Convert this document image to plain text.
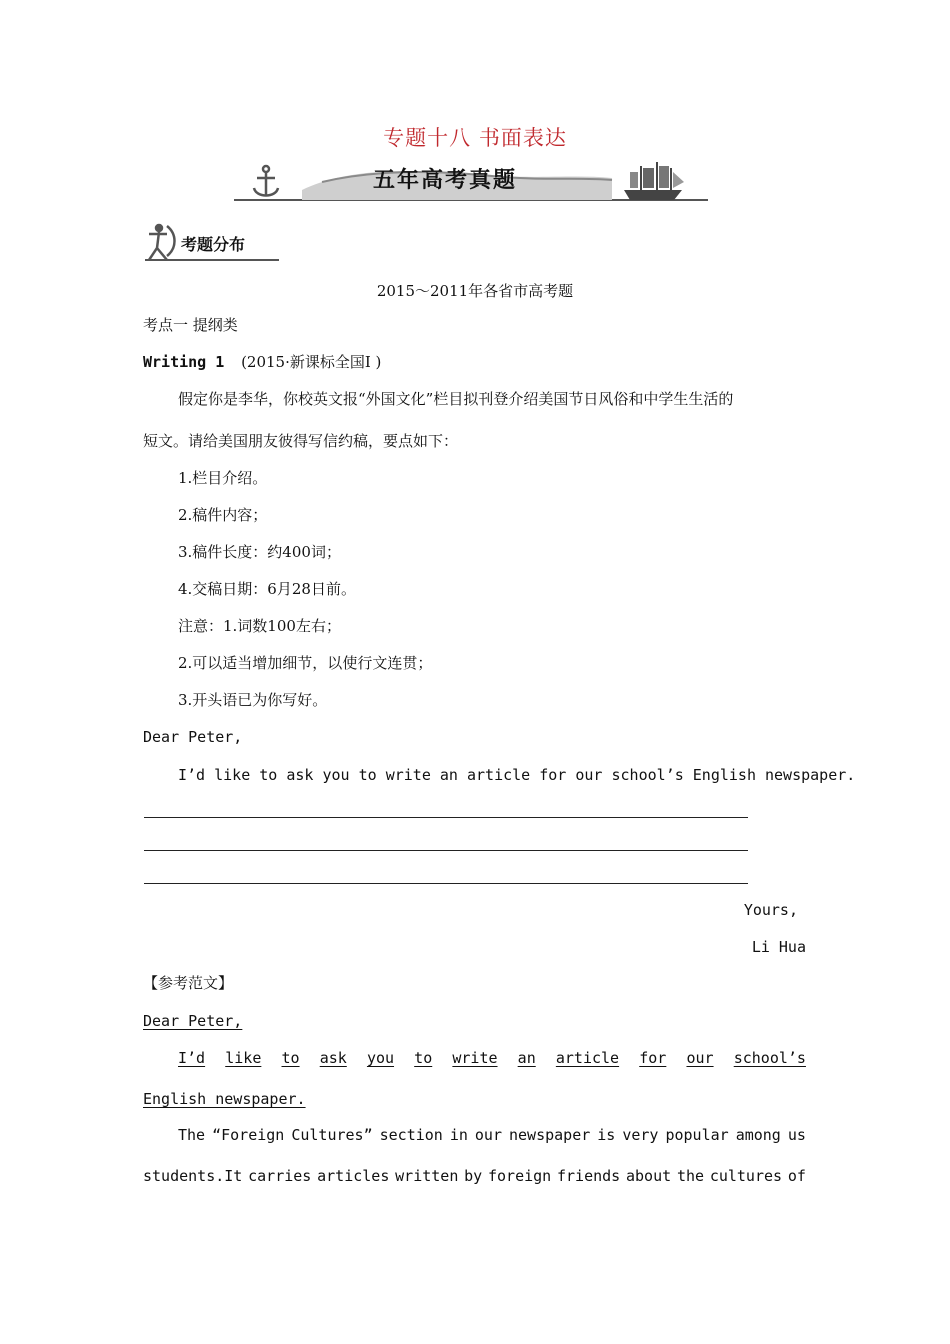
专题十八 书面表达
五年高考真题
考题分布
2015～2011年各省市高考题
考点一 提纲类
Writing 1 (2015·新课标全国Ⅰ )
假定你是李华，你校英文报“外国文化”栏目拟刊登介绍美国节日风俗和中学生生活的
短文。请给美国朋友彼得写信约稿，要点如下：
1.栏目介绍。
2.稿件内容；
3.稿件长度：约400词；
4.交稿日期：6月28日前。
注意：1.词数100左右；
2.可以适当增加细节，以使行文连贯；
3.开头语已为你写好。
Dear Peter,
I’d like to ask you to write an article for our school’s English newspaper.
Yours,
Li Hua
【参考范文】
Dear Peter,
I’d like to ask you to write an article for our school’s
English newspaper.
The “Foreign Cultures” section in our newspaper is very popular among us
students.It carries articles written by foreign friends about the cultures of
